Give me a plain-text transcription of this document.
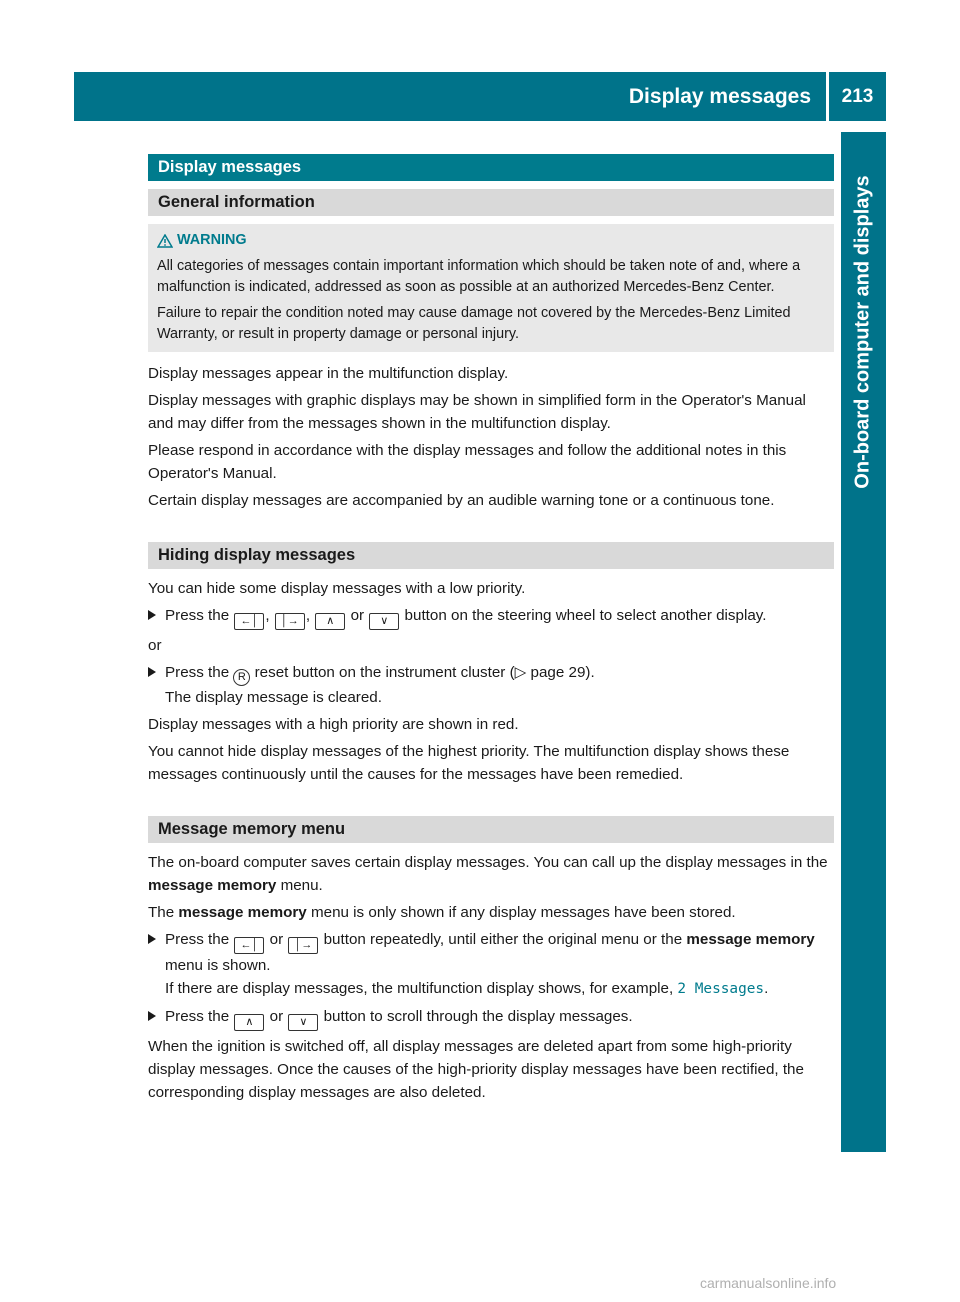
Display messages	213
On-board computer and displays
Display messages
General information
WARNING

All categories of messages contain important information which should be taken note of and, where a malfunction is indicated, addressed as soon as possible at an authorized Mercedes-Benz Center.

Failure to repair the condition noted may cause damage not covered by the Mercedes-Benz Limited Warranty, or result in property damage or personal injury.

Display messages appear in the multifunction display.

Display messages with graphic displays may be shown in simplified form in the Operator's Manual and may differ from the messages shown in the multifunction display.

Please respond in accordance with the display messages and follow the additional notes in this Operator's Manual.

Certain display messages are accompanied by an audible warning tone or a continuous tone.

Hiding display messages

You can hide some display messages with a low priority.

Press the ←│ , │→ , ∧ or ∨ button on the steering wheel to select another display.

or

Press the R reset button on the instrument cluster (▷ page 29).
The display message is cleared.

Display messages with a high priority are shown in red.

You cannot hide display messages of the highest priority. The multifunction display shows these messages continuously until the causes for the messages have been remedied.

Message memory menu

The on-board computer saves certain display messages. You can call up the display messages in the message memory menu.

The message memory menu is only shown if any display messages have been stored.

Press the ←│ or │→ button repeatedly, until either the original menu or the message memory menu is shown.
If there are display messages, the multifunction display shows, for example, 2 Messages.
Press the ∧ or ∨ button to scroll through the display messages.

When the ignition is switched off, all display messages are deleted apart from some high-priority display messages. Once the causes of the high-priority display messages have been rectified, the corresponding display messages are also deleted.

carmanualsonline.info
